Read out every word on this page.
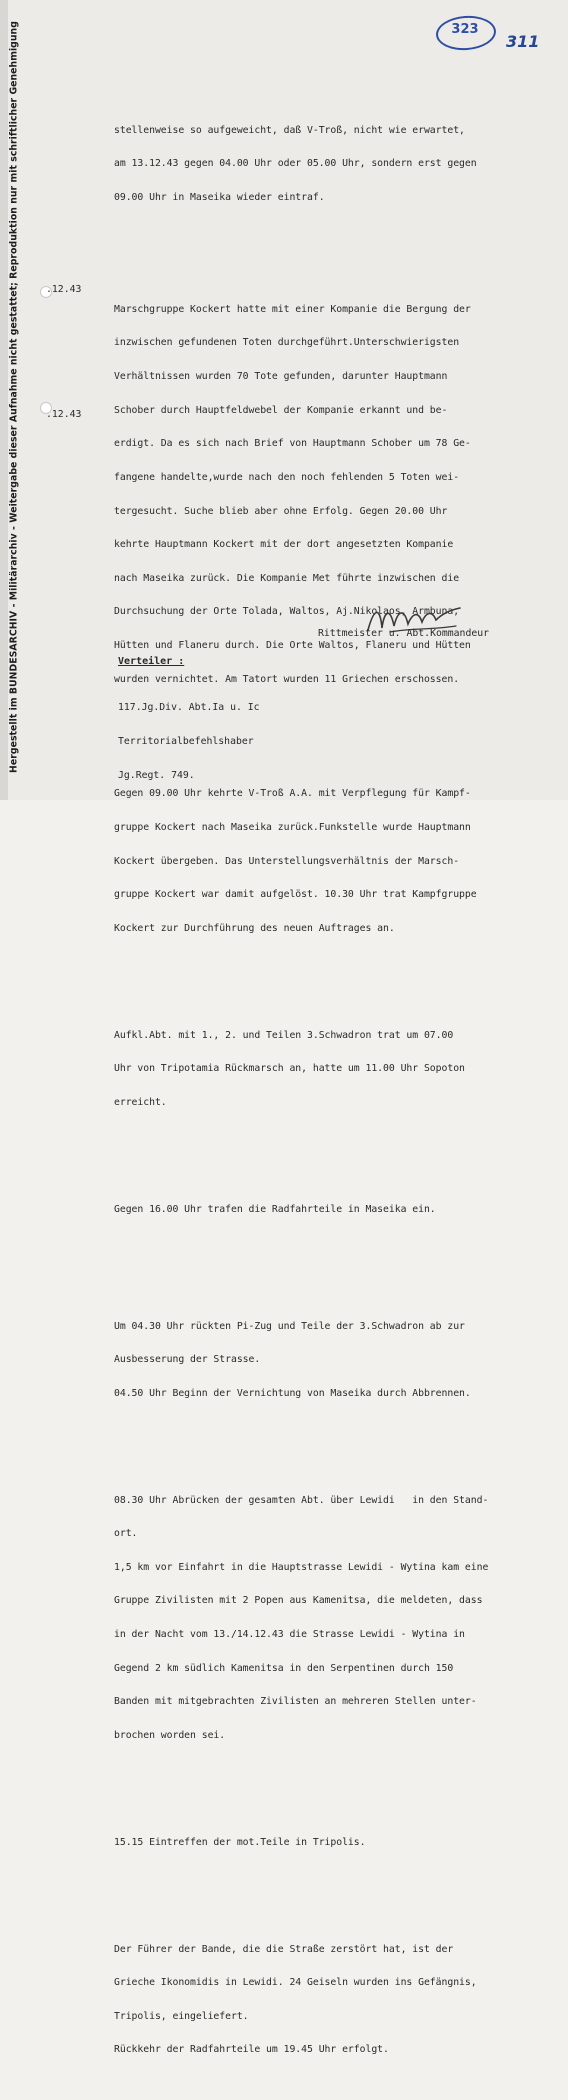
Hergestellt im BUNDESARCHIV - Militärarchiv - Weitergabe dieser Aufnahme nicht gestattet; Reproduktion nur mit schriftlicher Genehmigung	323
311
.12.43
.12.43

stellenweise so aufgeweicht, daß V-Troß, nicht wie erwartet,

am 13.12.43 gegen 04.00 Uhr oder 05.00 Uhr, sondern erst gegen

09.00 Uhr in Maseika wieder eintraf.

Marschgruppe Kockert hatte mit einer Kompanie die Bergung der

inzwischen gefundenen Toten durchgeführt.Unterschwierigsten

Verhältnissen wurden 70 Tote gefunden, darunter Hauptmann

Schober durch Hauptfeldwebel der Kompanie erkannt und be-

erdigt. Da es sich nach Brief von Hauptmann Schober um 78 Ge-

fangene handelte,wurde nach den noch fehlenden 5 Toten wei-

tergesucht. Suche blieb aber ohne Erfolg. Gegen 20.00 Uhr

kehrte Hauptmann Kockert mit der dort angesetzten Kompanie

nach Maseika zurück. Die Kompanie Met führte inzwischen die

Durchsuchung der Orte Tolada, Waltos, Aj.Nikolaos, Armbuna,

Hütten und Flaneru durch. Die Orte Waltos, Flaneru und Hütten

wurden vernichtet. Am Tatort wurden 11 Griechen erschossen.

Gegen 09.00 Uhr kehrte V-Troß A.A. mit Verpflegung für Kampf-

gruppe Kockert nach Maseika zurück.Funkstelle wurde Hauptmann

Kockert übergeben. Das Unterstellungsverhältnis der Marsch-

gruppe Kockert war damit aufgelöst. 10.30 Uhr trat Kampfgruppe

Kockert zur Durchführung des neuen Auftrages an.

Aufkl.Abt. mit 1., 2. und Teilen 3.Schwadron trat um 07.00

Uhr von Tripotamia Rückmarsch an, hatte um 11.00 Uhr Sopoton

erreicht.

Gegen 16.00 Uhr trafen die Radfahrteile in Maseika ein.

Um 04.30 Uhr rückten Pi-Zug und Teile der 3.Schwadron ab zur

Ausbesserung der Strasse.

04.50 Uhr Beginn der Vernichtung von Maseika durch Abbrennen.

08.30 Uhr Abrücken der gesamten Abt. über Lewidi   in den Stand-

ort.

1,5 km vor Einfahrt in die Hauptstrasse Lewidi - Wytina kam eine

Gruppe Zivilisten mit 2 Popen aus Kamenitsa, die meldeten, dass

in der Nacht vom 13./14.12.43 die Strasse Lewidi - Wytina in

Gegend 2 km südlich Kamenitsa in den Serpentinen durch 150

Banden mit mitgebrachten Zivilisten an mehreren Stellen unter-

brochen worden sei.

15.15 Eintreffen der mot.Teile in Tripolis.

Der Führer der Bande, die die Straße zerstört hat, ist der

Grieche Ikonomidis in Lewidi. 24 Geiseln wurden ins Gefängnis,

Tripolis, eingeliefert.

Rückkehr der Radfahrteile um 19.45 Uhr erfolgt.

Rittmeister u. Abt.Kommandeur
Verteiler :

117.Jg.Div. Abt.Ia u. Ic

Territorialbefehlshaber

Jg.Regt. 749.
